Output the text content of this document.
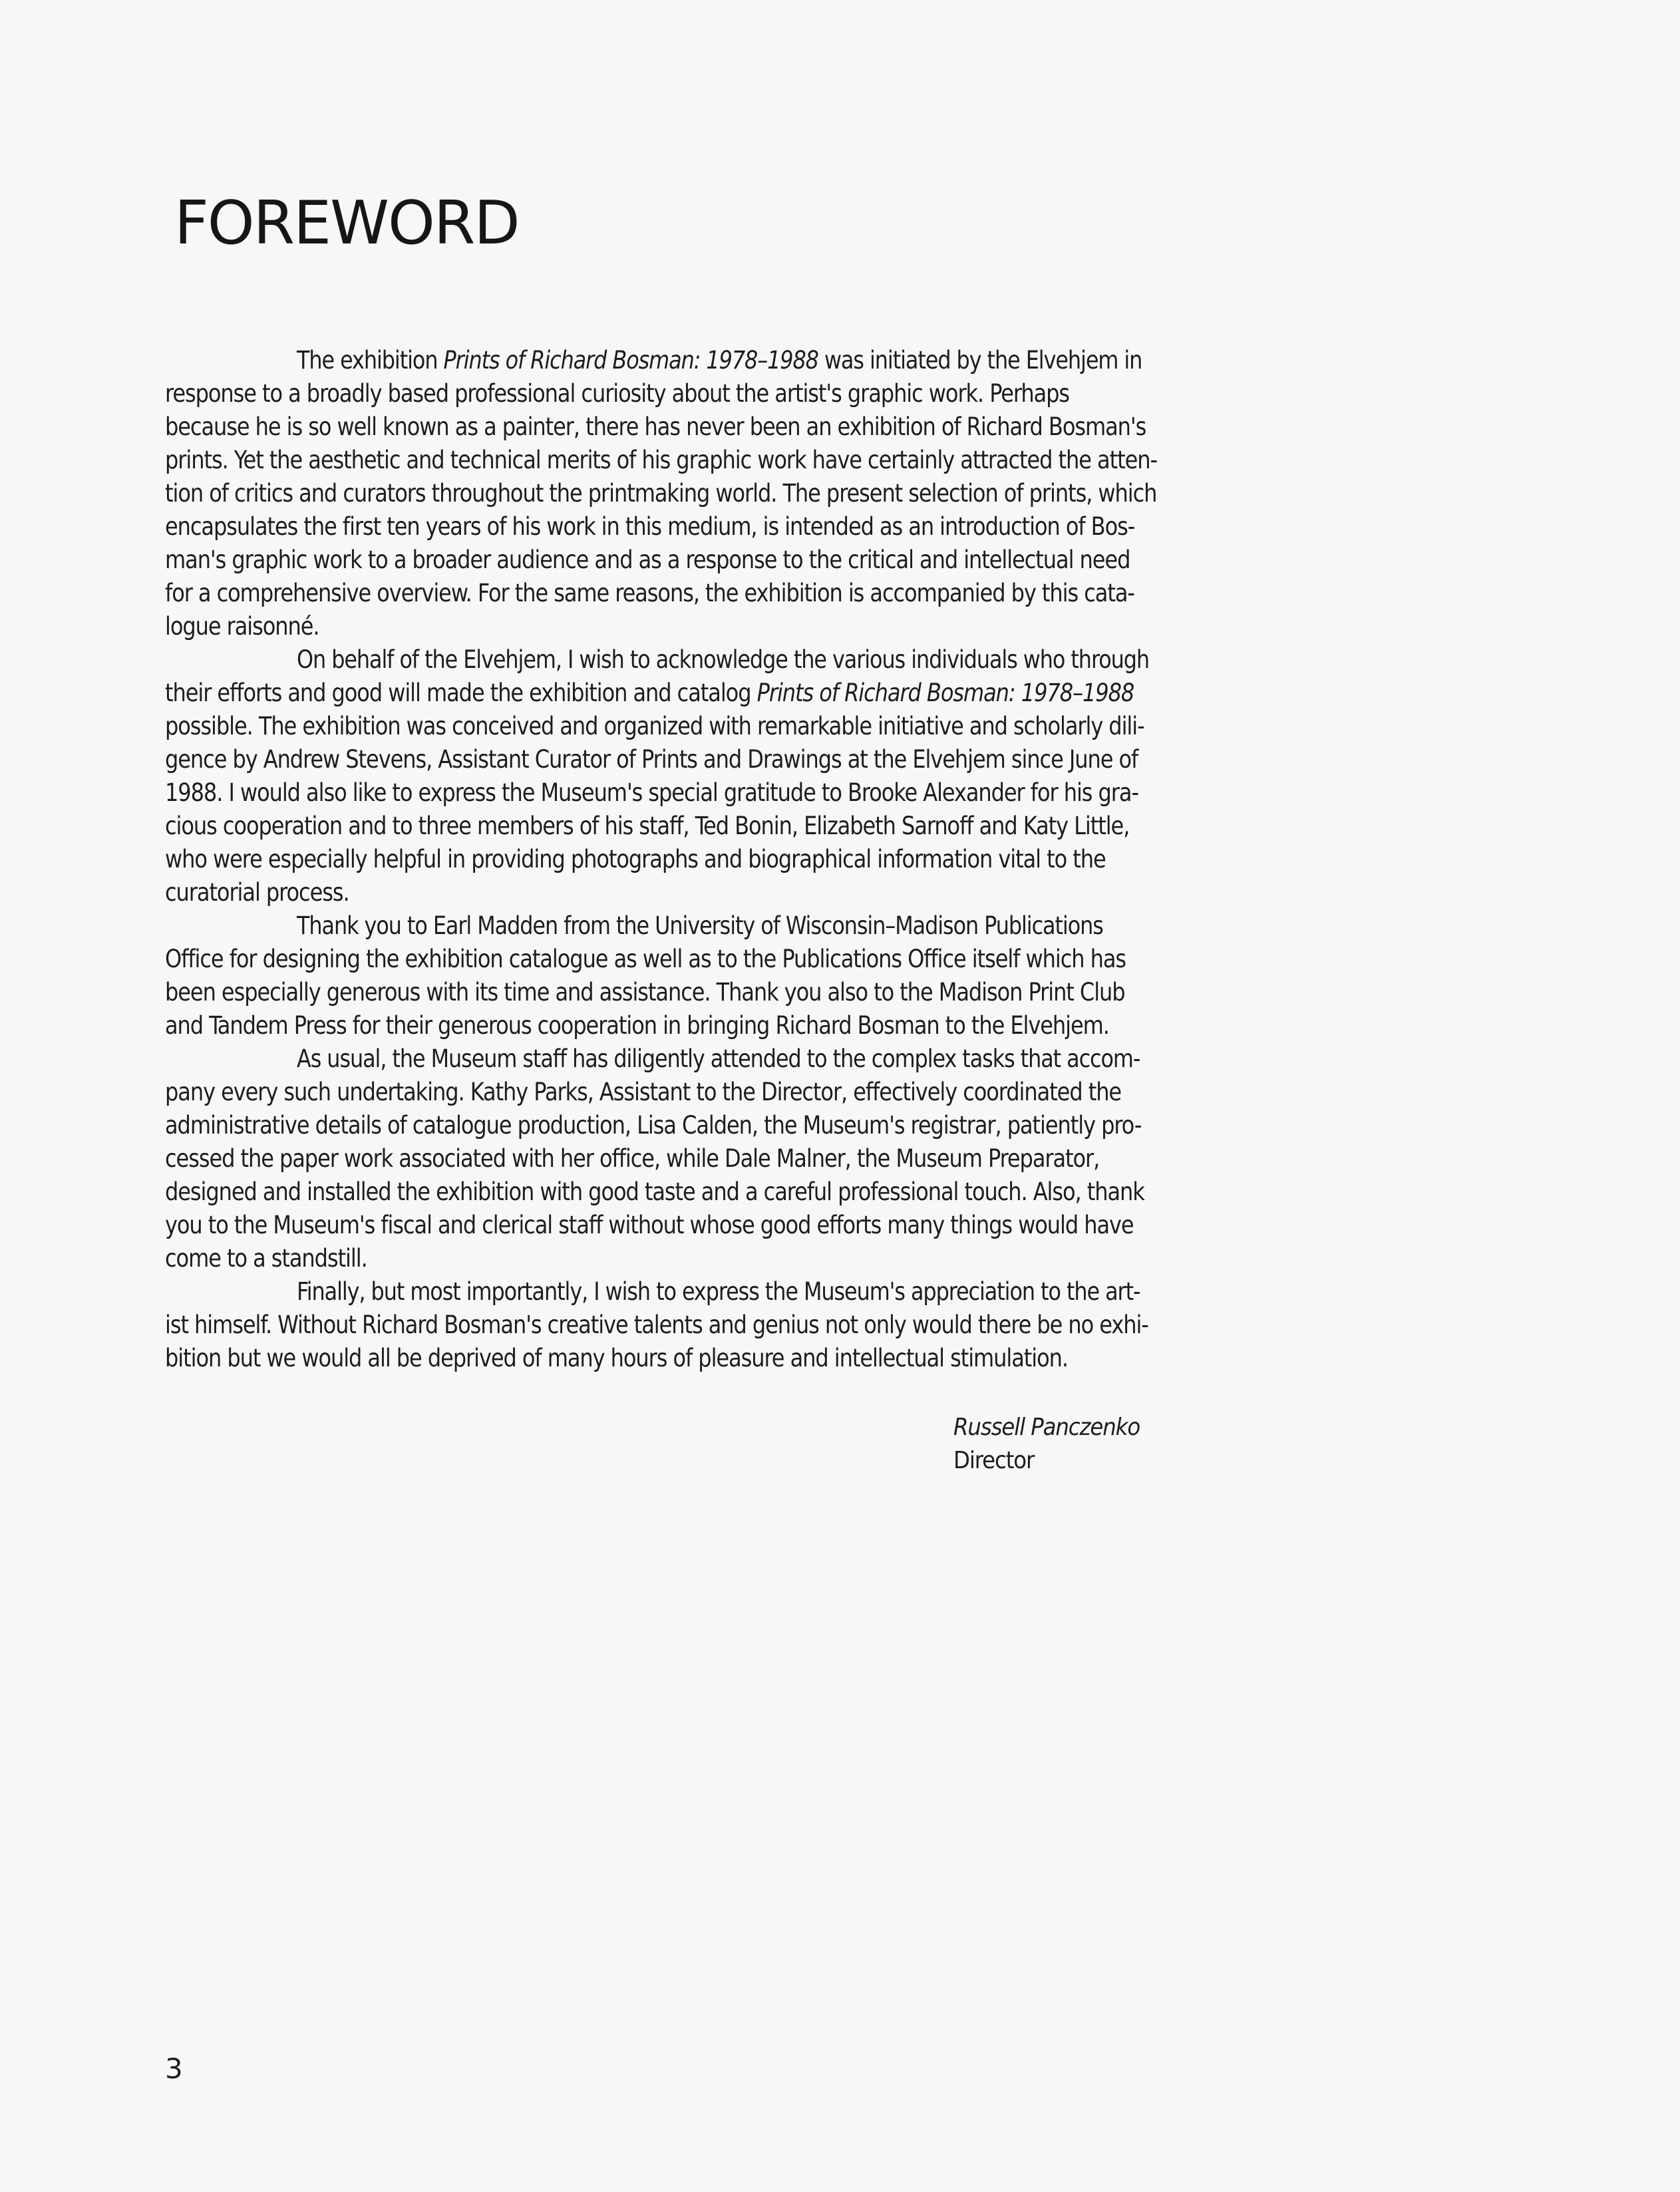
FOREWORD
The exhibition Prints of Richard Bosman: 1978–1988 was initiated by the Elvehjem in
response to a broadly based professional curiosity about the artist's graphic work. Perhaps
because he is so well known as a painter, there has never been an exhibition of Richard Bosman's
prints. Yet the aesthetic and technical merits of his graphic work have certainly attracted the atten-
tion of critics and curators throughout the printmaking world. The present selection of prints, which
encapsulates the first ten years of his work in this medium, is intended as an introduction of Bos-
man's graphic work to a broader audience and as a response to the critical and intellectual need
for a comprehensive overview. For the same reasons, the exhibition is accompanied by this cata-
logue raisonné.
On behalf of the Elvehjem, I wish to acknowledge the various individuals who through
their efforts and good will made the exhibition and catalog Prints of Richard Bosman: 1978–1988
possible. The exhibition was conceived and organized with remarkable initiative and scholarly dili-
gence by Andrew Stevens, Assistant Curator of Prints and Drawings at the Elvehjem since June of
1988. I would also like to express the Museum's special gratitude to Brooke Alexander for his gra-
cious cooperation and to three members of his staff, Ted Bonin, Elizabeth Sarnoff and Katy Little,
who were especially helpful in providing photographs and biographical information vital to the
curatorial process.
Thank you to Earl Madden from the University of Wisconsin–Madison Publications
Office for designing the exhibition catalogue as well as to the Publications Office itself which has
been especially generous with its time and assistance. Thank you also to the Madison Print Club
and Tandem Press for their generous cooperation in bringing Richard Bosman to the Elvehjem.
As usual, the Museum staff has diligently attended to the complex tasks that accom-
pany every such undertaking. Kathy Parks, Assistant to the Director, effectively coordinated the
administrative details of catalogue production, Lisa Calden, the Museum's registrar, patiently pro-
cessed the paper work associated with her office, while Dale Malner, the Museum Preparator,
designed and installed the exhibition with good taste and a careful professional touch. Also, thank
you to the Museum's fiscal and clerical staff without whose good efforts many things would have
come to a standstill.
Finally, but most importantly, I wish to express the Museum's appreciation to the art-
ist himself. Without Richard Bosman's creative talents and genius not only would there be no exhi-
bition but we would all be deprived of many hours of pleasure and intellectual stimulation.
Russell Panczenko
Director
3
